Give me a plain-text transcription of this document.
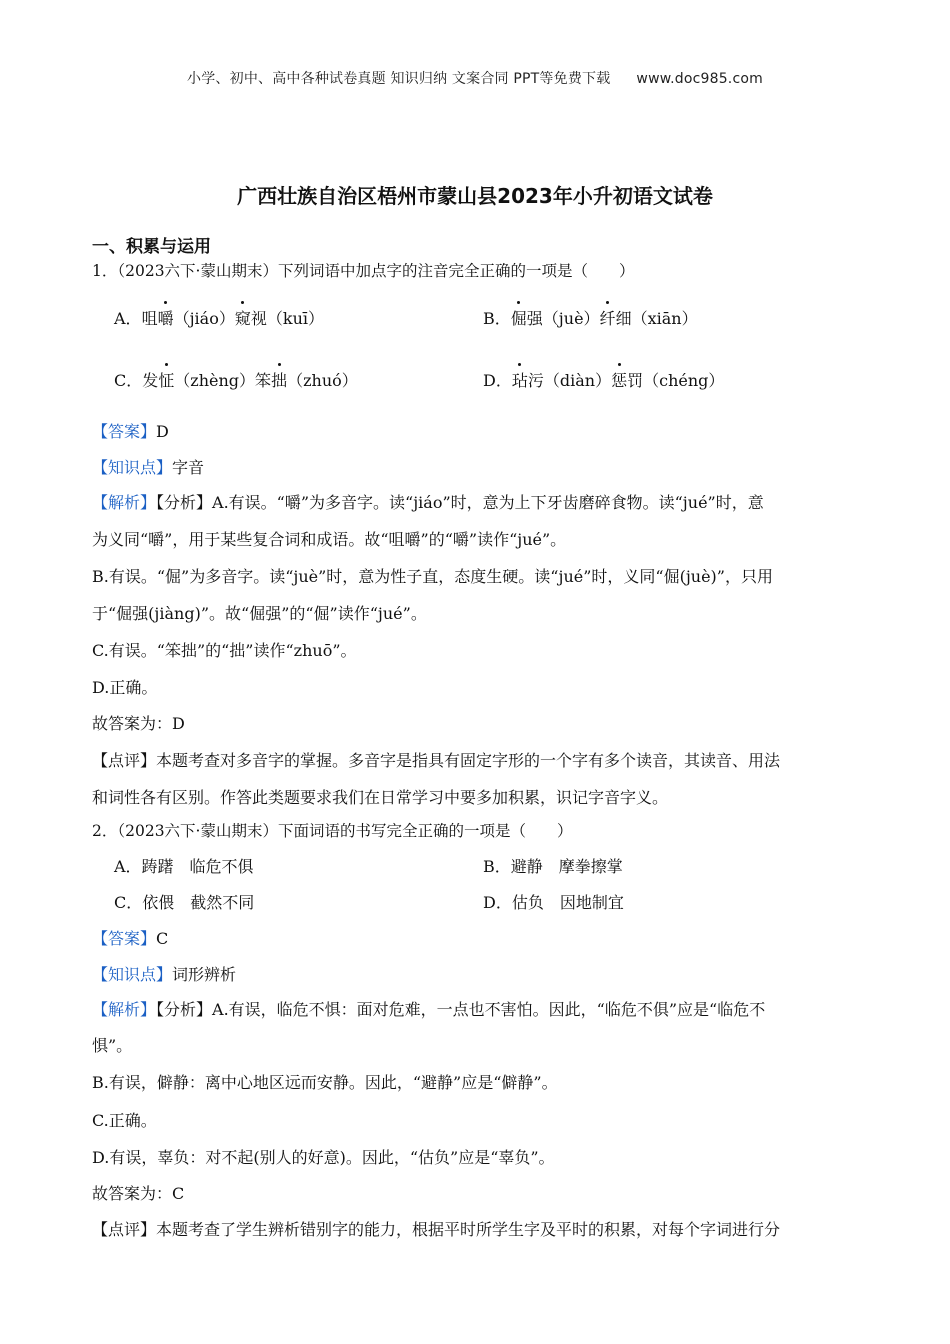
小学、初中、高中各种试卷真题 知识归纳 文案合同 PPT等免费下载 www.doc985.com
广西壮族自治区梧州市蒙山县2023年小升初语文试卷
一、积累与运用
1．（2023六下·蒙山期末）下列词语中加点字的注音完全正确的一项是（　　）
A．咀嚼（jiáo）窥视（kuī）	B．倔强（juè）纤细（xiān）
C．发怔（zhèng）笨拙（zhuó）	D．玷污（diàn）惩罚（chéng）
【答案】D
【知识点】字音
【解析】【分析】A.有误。“嚼”为多音字。读“jiáo”时，意为上下牙齿磨碎食物。读“jué”时，意
为义同“嚼”，用于某些复合词和成语。故“咀嚼”的“嚼”读作“jué”。
B.有误。“倔”为多音字。读“juè”时，意为性子直，态度生硬。读“jué”时，义同“倔(juè)”，只用
于“倔强(jiàng)”。故“倔强”的“倔”读作“jué”。
C.有误。“笨拙”的“拙”读作“zhuō”。
D.正确。
故答案为：D
【点评】本题考查对多音字的掌握。多音字是指具有固定字形的一个字有多个读音，其读音、用法
和词性各有区别。作答此类题要求我们在日常学习中要多加积累，识记字音字义。
2．（2023六下·蒙山期末）下面词语的书写完全正确的一项是（　　）
A．踌躇　临危不俱	B．避静　摩拳擦掌
C．依偎　截然不同	D．估负　因地制宜
【答案】C
【知识点】词形辨析
【解析】【分析】A.有误，临危不惧：面对危难，一点也不害怕。因此，“临危不俱”应是“临危不
惧”。
B.有误，僻静：离中心地区远而安静。因此，“避静”应是“僻静”。
C.正确。
D.有误，辜负：对不起(别人的好意)。因此，“估负”应是“辜负”。
故答案为：C
【点评】本题考查了学生辨析错别字的能力，根据平时所学生字及平时的积累，对每个字词进行分
